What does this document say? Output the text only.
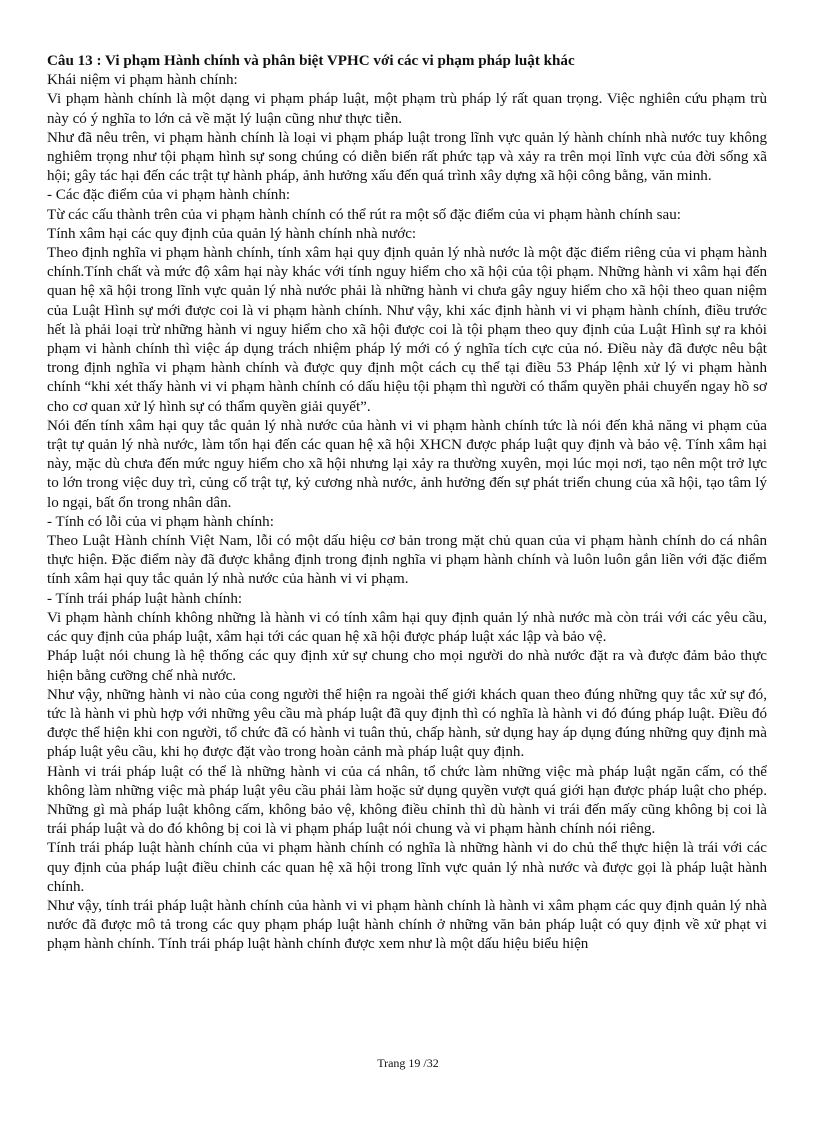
Câu 13 : Vi phạm Hành chính và phân biệt VPHC với các vi phạm pháp luật khác

Khái niệm vi phạm hành chính:

Vi phạm hành chính là một dạng vi phạm pháp luật, một phạm trù pháp lý rất quan trọng. Việc nghiên cứu phạm trù này có ý nghĩa to lớn cả về mặt lý luận cũng như thực tiễn.

Như đã nêu trên, vi phạm hành chính là loại vi phạm pháp luật trong lĩnh vực quản lý hành chính nhà nước tuy không nghiêm trọng như tội phạm hình sự song chúng có diễn biến rất phức tạp và xảy ra trên mọi lĩnh vực của đời sống xã hội; gây tác hại đến các trật tự hành pháp, ảnh hưởng xấu đến quá trình xây dựng xã hội công bằng, văn minh.

- Các đặc điểm của vi phạm hành chính:

Từ các cấu thành trên của vi phạm hành chính có thể rút ra một số đặc điểm của vi phạm hành chính sau:

Tính xâm hại các quy định của quản lý hành chính nhà nước:

Theo định nghĩa vi phạm hành chính, tính xâm hại quy định quản lý nhà nước là một đặc điểm riêng của vi phạm hành chính.Tính chất và mức độ xâm hại này khác với tính nguy hiểm cho xã hội của tội phạm. Những hành vi xâm hại đến quan hệ xã hội trong lĩnh vực quản lý nhà nước phải là những hành vi chưa gây nguy hiểm cho xã hội theo quan niệm của Luật Hình sự mới được coi là vi phạm hành chính. Như vậy, khi xác định hành vi vi phạm hành chính, điều trước hết là phải loại trừ những hành vi nguy hiểm cho xã hội được coi là tội phạm theo quy định của Luật Hình sự ra khỏi phạm vi hành chính thì việc áp dụng trách nhiệm pháp lý mới có ý nghĩa tích cực của nó. Điều này đã được nêu bật trong định nghĩa vi phạm hành chính và được quy định một cách cụ thể tại điều 53 Pháp lệnh xử lý vi phạm hành chính “khi xét thấy hành vi vi phạm hành chính có dấu hiệu tội phạm thì người có thẩm quyền phải chuyển ngay hồ sơ cho cơ quan xử lý hình sự có thẩm quyền giải quyết”.

Nói đến tính xâm hại quy tắc quản lý nhà nước của hành vi vi phạm hành chính tức là nói đến khả năng vi phạm của trật tự quản lý nhà nước, làm tổn hại đến các quan hệ xã hội XHCN được pháp luật quy định và bảo vệ. Tính xâm hại này, mặc dù chưa đến mức nguy hiểm cho xã hội nhưng lại xảy ra thường xuyên, mọi lúc mọi nơi, tạo nên một trở lực to lớn trong việc duy trì, củng cố trật tự, kỷ cương nhà nước, ảnh hưởng đến sự phát triển chung của xã hội, tạo tâm lý lo ngại, bất ổn trong nhân dân.

- Tính có lỗi của vi phạm hành chính:

Theo Luật Hành chính Việt Nam, lỗi có một dấu hiệu cơ bản trong mặt chủ quan của vi phạm hành chính do cá nhân thực hiện. Đặc điểm này đã được khẳng định trong định nghĩa vi phạm hành chính và luôn luôn gắn liền với đặc điểm tính xâm hại quy tắc quản lý nhà nước của hành vi vi phạm.

- Tính trái pháp luật hành chính:

Vi phạm hành chính không những là hành vi có tính xâm hại quy định quản lý nhà nước mà còn trái với các yêu cầu, các quy định của pháp luật, xâm hại tới các quan hệ xã hội được pháp luật xác lập và bảo vệ.

Pháp luật nói chung là hệ thống các quy định xử sự chung cho mọi người do nhà nước đặt ra và được đảm bảo thực hiện bằng cưỡng chế nhà nước.

Như vậy, những hành vi nào của cong người thể hiện ra ngoài thế giới khách quan theo đúng những quy tắc xử sự đó, tức là hành vi phù hợp với những yêu cầu mà pháp luật đã quy định thì có nghĩa là hành vi đó đúng pháp luật. Điều đó được thể hiện khi con người, tổ chức đã có hành vi tuân thủ, chấp hành, sử dụng hay áp dụng đúng những quy định mà pháp luật yêu cầu, khi họ được đặt vào trong hoàn cảnh mà pháp luật quy định.

Hành vi trái pháp luật có thể là những hành vi của cá nhân, tổ chức làm những việc mà pháp luật ngăn cấm, có thể không làm những việc mà pháp luật yêu cầu phải làm hoặc sử dụng quyền vượt quá giới hạn được pháp luật cho phép. Những gì mà pháp luật không cấm, không bảo vệ, không điều chỉnh thì dù hành vi trái đến mấy cũng không bị coi là trái pháp luật và do đó không bị coi là vi phạm pháp luật nói chung và vi phạm hành chính nói riêng.

Tính trái pháp luật hành chính của vi phạm hành chính có nghĩa là những hành vi do chủ thể thực hiện là trái với các quy định của pháp luật điều chỉnh các quan hệ xã hội trong lĩnh vực quản lý nhà nước và được gọi là pháp luật hành chính.

Như vậy, tính trái pháp luật hành chính của hành vi vi phạm hành chính là hành vi xâm phạm các quy định quản lý nhà nước đã được mô tả trong các quy phạm pháp luật hành chính ở những văn bản pháp luật có quy định về xử phạt vi phạm hành chính. Tính trái pháp luật hành chính được xem như là một dấu hiệu biểu hiện

Trang 19 /32
